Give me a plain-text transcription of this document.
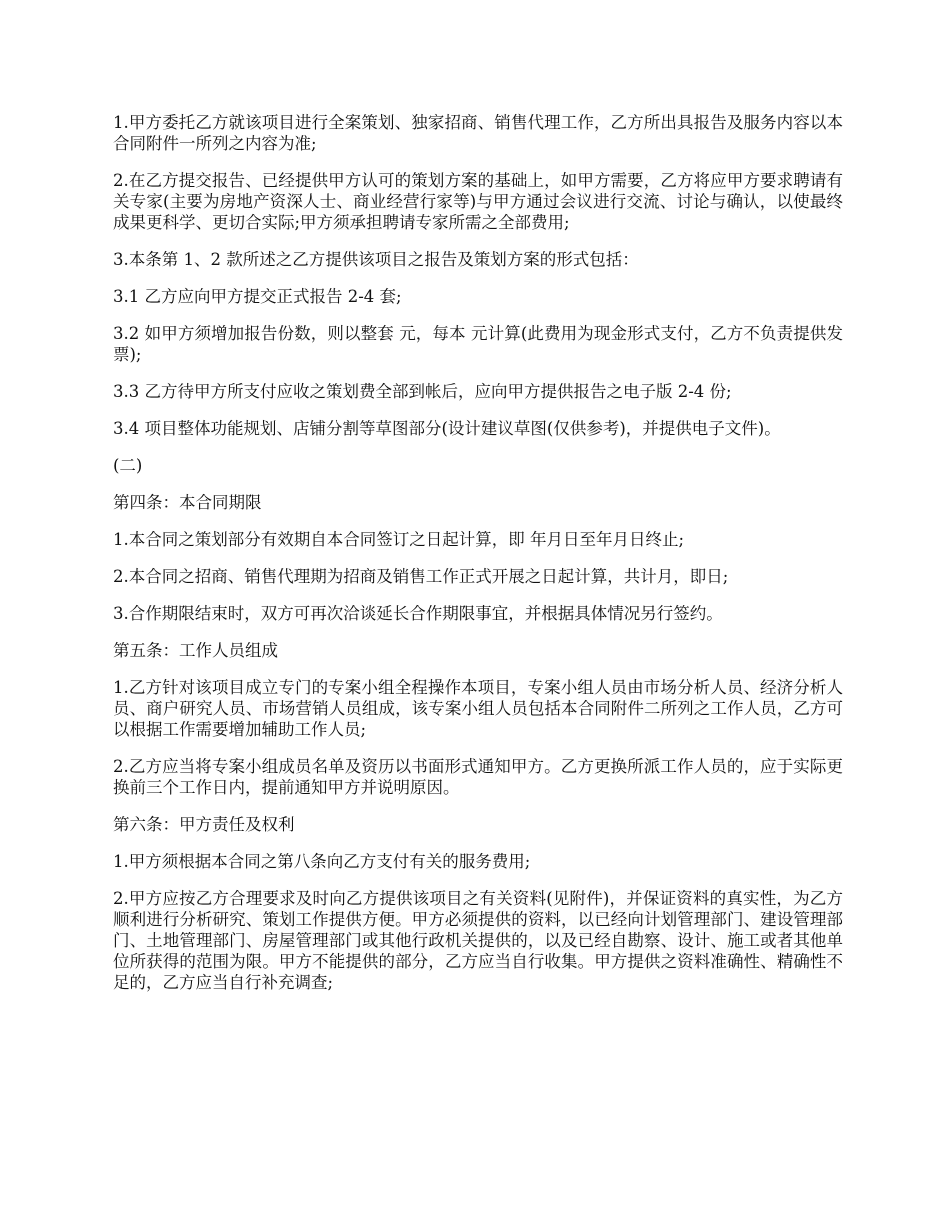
1.甲方委托乙方就该项目进行全案策划、独家招商、销售代理工作，乙方所出具报告及服务内容以本合同附件一所列之内容为准;

2.在乙方提交报告、已经提供甲方认可的策划方案的基础上，如甲方需要，乙方将应甲方要求聘请有关专家(主要为房地产资深人士、商业经营行家等)与甲方通过会议进行交流、讨论与确认，以使最终成果更科学、更切合实际;甲方须承担聘请专家所需之全部费用;

3.本条第 1、2 款所述之乙方提供该项目之报告及策划方案的形式包括：

3.1 乙方应向甲方提交正式报告 2-4 套;

3.2 如甲方须增加报告份数，则以整套 元，每本 元计算(此费用为现金形式支付，乙方不负责提供发票);

3.3 乙方待甲方所支付应收之策划费全部到帐后，应向甲方提供报告之电子版 2-4 份;

3.4 项目整体功能规划、店铺分割等草图部分(设计建议草图(仅供参考)，并提供电子文件)。

(二)

第四条：本合同期限

1.本合同之策划部分有效期自本合同签订之日起计算，即 年月日至年月日终止;

2.本合同之招商、销售代理期为招商及销售工作正式开展之日起计算，共计月，即日;

3.合作期限结束时，双方可再次洽谈延长合作期限事宜，并根据具体情况另行签约。

第五条：工作人员组成

1.乙方针对该项目成立专门的专案小组全程操作本项目，专案小组人员由市场分析人员、经济分析人员、商户研究人员、市场营销人员组成，该专案小组人员包括本合同附件二所列之工作人员，乙方可以根据工作需要增加辅助工作人员;

2.乙方应当将专案小组成员名单及资历以书面形式通知甲方。乙方更换所派工作人员的，应于实际更换前三个工作日内，提前通知甲方并说明原因。

第六条：甲方责任及权利

1.甲方须根据本合同之第八条向乙方支付有关的服务费用;

2.甲方应按乙方合理要求及时向乙方提供该项目之有关资料(见附件)，并保证资料的真实性，为乙方顺利进行分析研究、策划工作提供方便。甲方必须提供的资料，以已经向计划管理部门、建设管理部门、土地管理部门、房屋管理部门或其他行政机关提供的，以及已经自勘察、设计、施工或者其他单位所获得的范围为限。甲方不能提供的部分，乙方应当自行收集。甲方提供之资料准确性、精确性不足的，乙方应当自行补充调查;
